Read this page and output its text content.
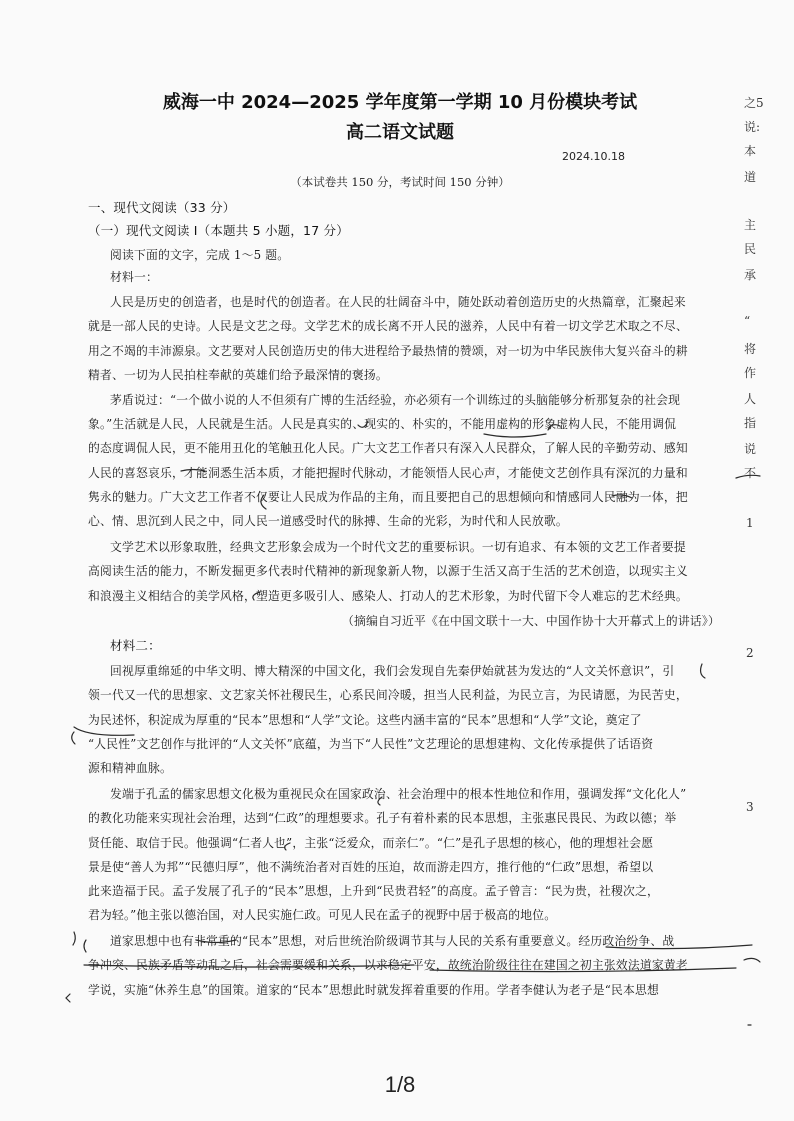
威海一中 2024—2025 学年度第一学期 10 月份模块考试
高二语文试题
2024.10.18
（本试卷共 150 分，考试时间 150 分钟）
一、现代文阅读（33 分）
（一）现代文阅读 I（本题共 5 小题，17 分）
阅读下面的文字，完成 1～5 题。
材料一：
人民是历史的创造者，也是时代的创造者。在人民的壮阔奋斗中，随处跃动着创造历史的火热篇章，汇聚起来
就是一部人民的史诗。人民是文艺之母。文学艺术的成长离不开人民的滋养，人民中有着一切文学艺术取之不尽、
用之不竭的丰沛源泉。文艺要对人民创造历史的伟大进程给予最热情的赞颂，对一切为中华民族伟大复兴奋斗的耕
精者、一切为人民拍柱奉献的英雄们给予最深情的褒扬。
茅盾说过：“一个做小说的人不但须有广博的生活经验，亦必须有一个训练过的头脑能够分析那复杂的社会现
象。”生活就是人民，人民就是生活。人民是真实的、现实的、朴实的，不能用虚构的形象虚构人民，不能用调侃
的态度调侃人民，更不能用丑化的笔触丑化人民。广大文艺工作者只有深入人民群众，了解人民的辛勤劳动、感知
人民的喜怒哀乐，才能洞悉生活本质，才能把握时代脉动，才能领悟人民心声，才能使文艺创作具有深沉的力量和
隽永的魅力。广大文艺工作者不仅要让人民成为作品的主角，而且要把自己的思想倾向和情感同人民融为一体，把
心、情、思沉到人民之中，同人民一道感受时代的脉搏、生命的光彩，为时代和人民放歌。
文学艺术以形象取胜，经典文艺形象会成为一个时代文艺的重要标识。一切有追求、有本领的文艺工作者要提
高阅读生活的能力，不断发掘更多代表时代精神的新现象新人物，以源于生活又高于生活的艺术创造，以现实主义
和浪漫主义相结合的美学风格，塑造更多吸引人、感染人、打动人的艺术形象，为时代留下令人难忘的艺术经典。
（摘编自习近平《在中国文联十一大、中国作协十大开幕式上的讲话》）
材料二：
回视厚重绵延的中华文明、博大精深的中国文化，我们会发现自先秦伊始就甚为发达的“人文关怀意识”，引
领一代又一代的思想家、文艺家关怀社稷民生，心系民间冷暖，担当人民利益，为民立言，为民请愿，为民苦史，
为民述怀，积淀成为厚重的“民本”思想和“人学”文论。这些内涵丰富的“民本”思想和“人学”文论，奠定了
“人民性”文艺创作与批评的“人文关怀”底蕴，为当下“人民性”文艺理论的思想建构、文化传承提供了话语资
源和精神血脉。
发端于孔孟的儒家思想文化极为重视民众在国家政治、社会治理中的根本性地位和作用，强调发挥“文化化人”
的教化功能来实现社会治理，达到“仁政”的理想要求。孔子有着朴素的民本思想，主张惠民畏民、为政以德；举
贤任能、取信于民。他强调“仁者人也”，主张“泛爱众，而亲仁”。“仁”是孔子思想的核心，他的理想社会愿
景是使“善人为邦”“民德归厚”，他不满统治者对百姓的压迫，故而游走四方，推行他的“仁政”思想，希望以
此来造福于民。孟子发展了孔子的“民本”思想，上升到“民贵君轻”的高度。孟子曾言：“民为贵，社稷次之，
君为轻。”他主张以德治国，对人民实施仁政。可见人民在孟子的视野中居于极高的地位。
道家思想中也有非常重的“民本”思想，对后世统治阶级调节其与人民的关系有重要意义。经历政治纷争、战
争冲突、民族矛盾等动乱之后，社会需要缓和关系，以求稳定平安，故统治阶级往往在建国之初主张效法道家黄老
学说，实施“休养生息”的国策。道家的“民本”思想此时就发挥着重要的作用。学者李健认为老子是“民本思想
之5
说:
本
道
主
民
承
“
将
作
人
指
说
不
1
2
3
1/8
